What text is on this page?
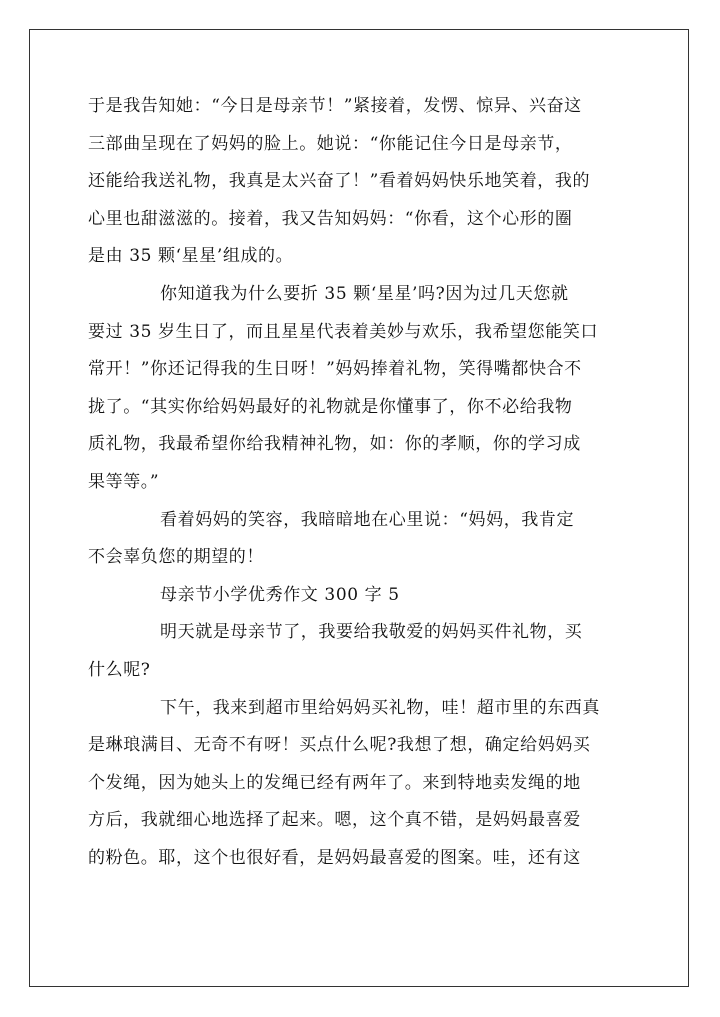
于是我告知她：“今日是母亲节！”紧接着，发愣、惊异、兴奋这
三部曲呈现在了妈妈的脸上。她说：“你能记住今日是母亲节，
还能给我送礼物，我真是太兴奋了！”看着妈妈快乐地笑着，我的
心里也甜滋滋的。接着，我又告知妈妈：“你看，这个心形的圈
是由 35 颗‘星星’组成的。
你知道我为什么要折 35 颗‘星星’吗?因为过几天您就
要过 35 岁生日了，而且星星代表着美妙与欢乐，我希望您能笑口
常开！”你还记得我的生日呀！”妈妈捧着礼物，笑得嘴都快合不
拢了。“其实你给妈妈最好的礼物就是你懂事了，你不必给我物
质礼物，我最希望你给我精神礼物，如：你的孝顺，你的学习成
果等等。”
看着妈妈的笑容，我暗暗地在心里说：“妈妈，我肯定
不会辜负您的期望的！
母亲节小学优秀作文 300 字 5
明天就是母亲节了，我要给我敬爱的妈妈买件礼物，买
什么呢?
下午，我来到超市里给妈妈买礼物，哇！超市里的东西真
是琳琅满目、无奇不有呀！买点什么呢?我想了想，确定给妈妈买
个发绳，因为她头上的发绳已经有两年了。来到特地卖发绳的地
方后，我就细心地选择了起来。嗯，这个真不错，是妈妈最喜爱
的粉色。耶，这个也很好看，是妈妈最喜爱的图案。哇，还有这
